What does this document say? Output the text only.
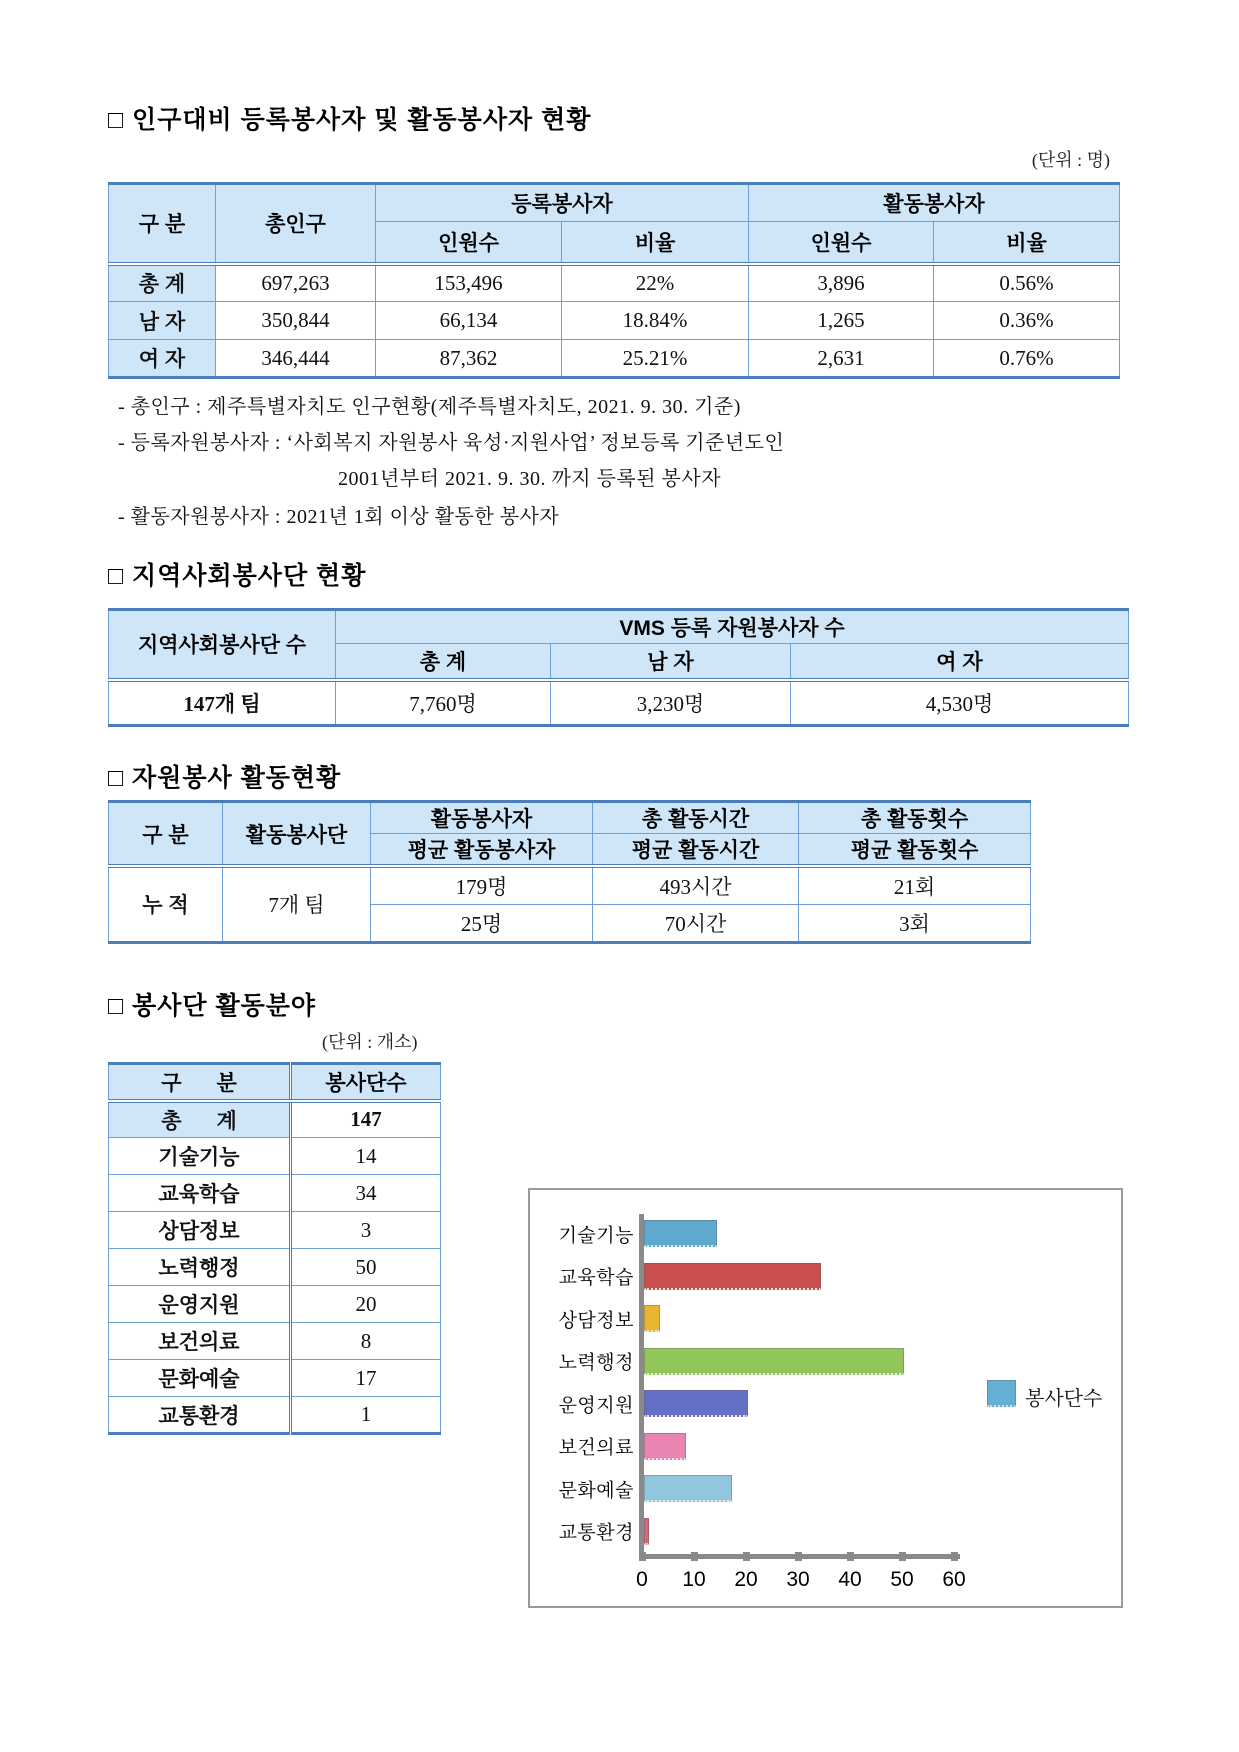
□ 인구대비 등록봉사자 및 활동봉사자 현황
(단위 : 명)
구 분	총인구	등록봉사자		활동봉사자	
		인원수	비율	인원수	비율
총 계	697,263	153,496	22%	3,896	0.56%
남 자	350,844	66,134	18.84%	1,265	0.36%
여 자	346,444	87,362	25.21%	2,631	0.76%
- 총인구 : 제주특별자치도 인구현황(제주특별자치도, 2021. 9. 30. 기준)
- 등록자원봉사자 : ‘사회복지 자원봉사 육성·지원사업’ 정보등록 기준년도인
2001년부터 2021. 9. 30. 까지 등록된 봉사자
- 활동자원봉사자 : 2021년 1회 이상 활동한 봉사자
□ 지역사회봉사단 현황
지역사회봉사단 수	VMS 등록 자원봉사자 수		
	총 계	남 자	여 자
147개 팀	7,760명	3,230명	4,530명
□ 자원봉사 활동현황
구 분	활동봉사단	활동봉사자	총 활동시간	총 활동횟수
		평균 활동봉사자	평균 활동시간	평균 활동횟수
누 적	7개 팀	179명	493시간	21회
		25명	70시간	3회
□ 봉사단 활동분야
(단위 : 개소)
구      분	봉사단수
총      계	147
기술기능	14
교육학습	34
상담정보	3
노력행정	50
운영지원	20
보건의료	8
문화예술	17
교통환경	1
기술기능
교육학습
상담정보
노력행정
운영지원
보건의료
문화예술
교통환경
0	10	20	30	40	50	60
봉사단수
